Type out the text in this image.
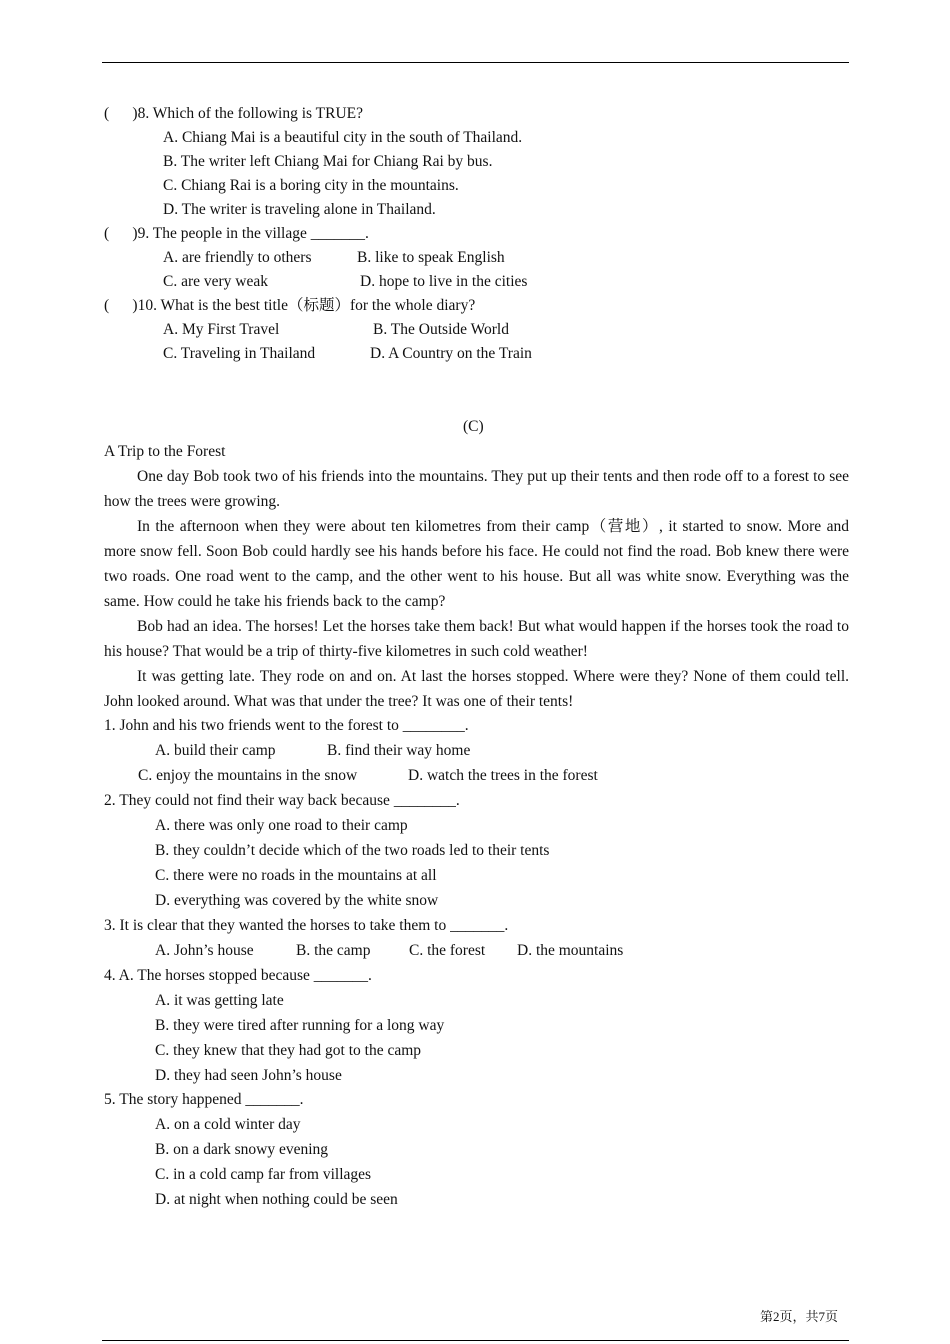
(      )8. Which of the following is TRUE?
A. Chiang Mai is a beautiful city in the south of Thailand.
B. The writer left Chiang Mai for Chiang Rai by bus.
C. Chiang Rai is a boring city in the mountains.
D. The writer is traveling alone in Thailand.
(      )9. The people in the village _______.
A. are friendly to others	B. like to speak English
C. are very weak	D. hope to live in the cities
(      )10. What is the best title（标题）for the whole diary?
A. My First Travel	B. The Outside World
C. Traveling in Thailand	D. A Country on the Train
(C)
A Trip to the Forest

One day Bob took two of his friends into the mountains. They put up their tents and then rode off to a forest to see how the trees were growing.

In the afternoon when they were about ten kilometres from their camp（营地）, it started to snow. More and more snow fell. Soon Bob could hardly see his hands before his face. He could not find the road. Bob knew there were two roads. One road went to the camp, and the other went to his house. But all was white snow. Everything was the same. How could he take his friends back to the camp?

Bob had an idea. The horses! Let the horses take them back! But what would happen if the horses took the road to his house? That would be a trip of thirty-five kilometres in such cold weather!

It was getting late. They rode on and on. At last the horses stopped. Where were they? None of them could tell. John looked around. What was that under the tree? It was one of their tents!

1. John and his two friends went to the forest to ________.
A. build their camp	B. find their way home
C. enjoy the mountains in the snow	D. watch the trees in the forest
2. They could not find their way back because ________.
A. there was only one road to their camp
B. they couldn’t decide which of the two roads led to their tents
C. there were no roads in the mountains at all
D. everything was covered by the white snow
3. It is clear that they wanted the horses to take them to _______.
A. John’s house	B. the camp C. the forest D. the mountains
4. A. The horses stopped because _______.
A. it was getting late
B. they were tired after running for a long way
C. they knew that they had got to the camp
D. they had seen John’s house
5. The story happened _______.
A. on a cold winter day
B. on a dark snowy evening
C. in a cold camp far from villages
D. at night when nothing could be seen
第2页，共7页
